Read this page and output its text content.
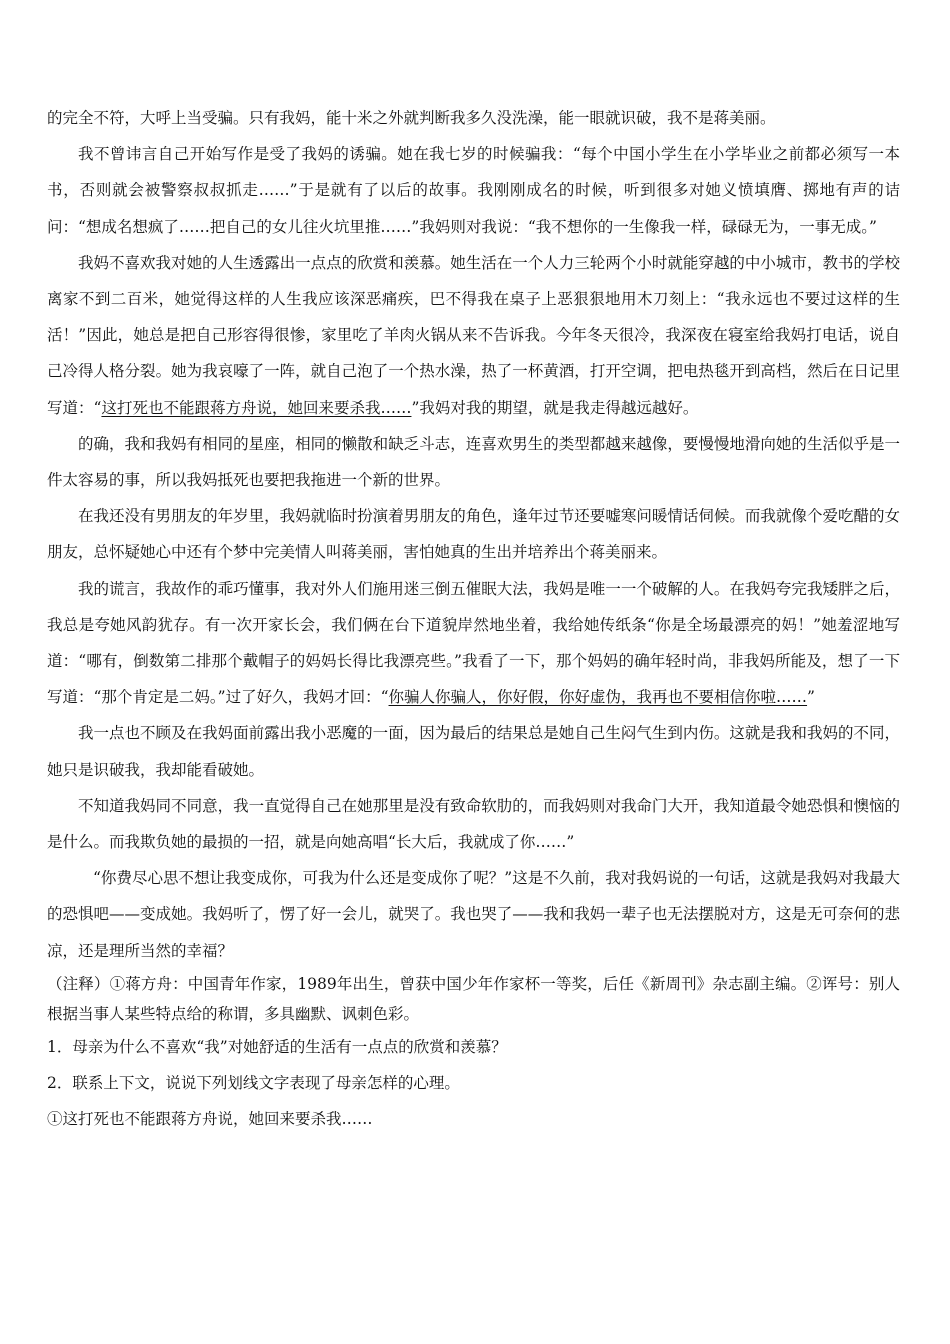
的完全不符，大呼上当受骗。只有我妈，能十米之外就判断我多久没洗澡，能一眼就识破，我不是蒋美丽。

我不曾讳言自己开始写作是受了我妈的诱骗。她在我七岁的时候骗我：“每个中国小学生在小学毕业之前都必须写一本书，否则就会被警察叔叔抓走……”于是就有了以后的故事。我刚刚成名的时候，听到很多对她义愤填膺、掷地有声的诘问：“想成名想疯了……把自己的女儿往火坑里推……”我妈则对我说：“我不想你的一生像我一样，碌碌无为，一事无成。”

我妈不喜欢我对她的人生透露出一点点的欣赏和羡慕。她生活在一个人力三轮两个小时就能穿越的中小城市，教书的学校离家不到二百米，她觉得这样的人生我应该深恶痛疾，巴不得我在桌子上恶狠狠地用木刀刻上：“我永远也不要过这样的生活！”因此，她总是把自己形容得很惨，家里吃了羊肉火锅从来不告诉我。今年冬天很冷，我深夜在寝室给我妈打电话，说自己冷得人格分裂。她为我哀嚎了一阵，就自己泡了一个热水澡，热了一杯黄酒，打开空调，把电热毯开到高档，然后在日记里写道：“这打死也不能跟蒋方舟说，她回来要杀我……”我妈对我的期望，就是我走得越远越好。

的确，我和我妈有相同的星座，相同的懒散和缺乏斗志，连喜欢男生的类型都越来越像，要慢慢地滑向她的生活似乎是一件太容易的事，所以我妈抵死也要把我拖进一个新的世界。

在我还没有男朋友的年岁里，我妈就临时扮演着男朋友的角色，逢年过节还要嘘寒问暖情话伺候。而我就像个爱吃醋的女朋友，总怀疑她心中还有个梦中完美情人叫蒋美丽，害怕她真的生出并培养出个蒋美丽来。

我的谎言，我故作的乖巧懂事，我对外人们施用迷三倒五催眠大法，我妈是唯一一个破解的人。在我妈夸完我矮胖之后，我总是夸她风韵犹存。有一次开家长会，我们俩在台下道貌岸然地坐着，我给她传纸条“你是全场最漂亮的妈！”她羞涩地写道：“哪有，倒数第二排那个戴帽子的妈妈长得比我漂亮些。”我看了一下，那个妈妈的确年轻时尚，非我妈所能及，想了一下写道：“那个肯定是二妈。”过了好久，我妈才回：“你骗人你骗人，你好假，你好虚伪，我再也不要相信你啦……”

我一点也不顾及在我妈面前露出我小恶魔的一面，因为最后的结果总是她自己生闷气生到内伤。这就是我和我妈的不同，她只是识破我，我却能看破她。

不知道我妈同不同意，我一直觉得自己在她那里是没有致命软肋的，而我妈则对我命门大开，我知道最令她恐惧和懊恼的是什么。而我欺负她的最损的一招，就是向她高唱“长大后，我就成了你……”

“你费尽心思不想让我变成你，可我为什么还是变成你了呢？”这是不久前，我对我妈说的一句话，这就是我妈对我最大的恐惧吧——变成她。我妈听了，愣了好一会儿，就哭了。我也哭了——我和我妈一辈子也无法摆脱对方，这是无可奈何的悲凉，还是理所当然的幸福？

（注释）①蒋方舟：中国青年作家，1989年出生，曾获中国少年作家杯一等奖，后任《新周刊》杂志副主编。②诨号：别人根据当事人某些特点给的称谓，多具幽默、讽刺色彩。

1．母亲为什么不喜欢“我”对她舒适的生活有一点点的欣赏和羡慕？

2．联系上下文，说说下列划线文字表现了母亲怎样的心理。

①这打死也不能跟蒋方舟说，她回来要杀我……
